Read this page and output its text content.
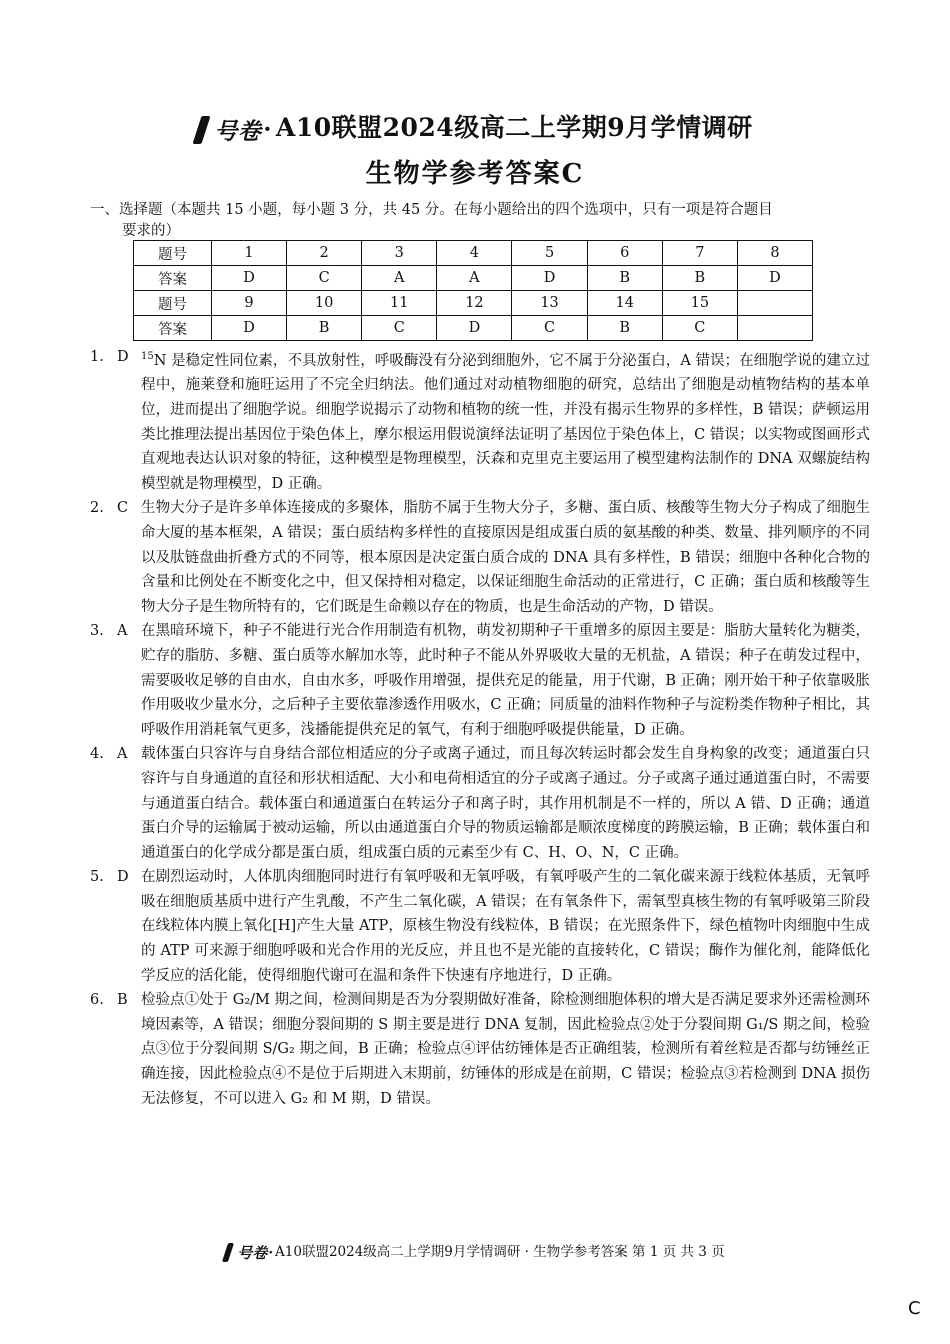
号卷 · A10联盟2024级高二上学期9月学情调研
生物学参考答案C
一、选择题（本题共 15 小题，每小题 3 分，共 45 分。在每小题给出的四个选项中，只有一项是符合题目
要求的）
题号	1	2	3	4	5	6	7	8
答案	D	C	A	A	D	B	B	D
题号	9	10	11	12	13	14	15	
答案	D	B	C	D	C	B	C	
1. D	$^{15}$N 是稳定性同位素，不具放射性，呼吸酶没有分泌到细胞外，它不属于分泌蛋白，A 错误；在细胞学说的建立过程中，施莱登和施旺运用了不完全归纳法。他们通过对动植物细胞的研究，总结出了细胞是动植物结构的基本单位，进而提出了细胞学说。细胞学说揭示了动物和植物的统一性，并没有揭示生物界的多样性，B 错误；萨顿运用类比推理法提出基因位于染色体上，摩尔根运用假说演绎法证明了基因位于染色体上，C 错误；以实物或图画形式直观地表达认识对象的特征，这种模型是物理模型，沃森和克里克主要运用了模型建构法制作的 DNA 双螺旋结构模型就是物理模型，D 正确。
2. C 生物大分子是许多单体连接成的多聚体，脂肪不属于生物大分子，多糖、蛋白质、核酸等生物大分子构成了细胞生命大厦的基本框架，A 错误；蛋白质结构多样性的直接原因是组成蛋白质的氨基酸的种类、数量、排列顺序的不同以及肽链盘曲折叠方式的不同等，根本原因是决定蛋白质合成的 DNA 具有多样性，B 错误；细胞中各种化合物的含量和比例处在不断变化之中，但又保持相对稳定，以保证细胞生命活动的正常进行，C 正确；蛋白质和核酸等生物大分子是生物所特有的，它们既是生命赖以存在的物质，也是生命活动的产物，D 错误。
3. A 在黑暗环境下，种子不能进行光合作用制造有机物，萌发初期种子干重增多的原因主要是：脂肪大量转化为糖类，贮存的脂肪、多糖、蛋白质等水解加水等，此时种子不能从外界吸收大量的无机盐，A 错误；种子在萌发过程中，需要吸收足够的自由水，自由水多，呼吸作用增强，提供充足的能量，用于代谢，B 正确；刚开始干种子依靠吸胀作用吸收少量水分，之后种子主要依靠渗透作用吸水，C 正确；同质量的油料作物种子与淀粉类作物种子相比，其呼吸作用消耗氧气更多，浅播能提供充足的氧气，有利于细胞呼吸提供能量，D 正确。
4. A 载体蛋白只容许与自身结合部位相适应的分子或离子通过，而且每次转运时都会发生自身构象的改变；通道蛋白只容许与自身通道的直径和形状相适配、大小和电荷相适宜的分子或离子通过。分子或离子通过通道蛋白时，不需要与通道蛋白结合。载体蛋白和通道蛋白在转运分子和离子时，其作用机制是不一样的，所以 A 错、D 正确；通道蛋白介导的运输属于被动运输，所以由通道蛋白介导的物质运输都是顺浓度梯度的跨膜运输，B 正确；载体蛋白和通道蛋白的化学成分都是蛋白质，组成蛋白质的元素至少有 C、H、O、N，C 正确。
5. D 在剧烈运动时，人体肌肉细胞同时进行有氧呼吸和无氧呼吸，有氧呼吸产生的二氧化碳来源于线粒体基质，无氧呼吸在细胞质基质中进行产生乳酸，不产生二氧化碳，A 错误；在有氧条件下，需氧型真核生物的有氧呼吸第三阶段在线粒体内膜上氧化[H]产生大量 ATP，原核生物没有线粒体，B 错误；在光照条件下，绿色植物叶肉细胞中生成的 ATP 可来源于细胞呼吸和光合作用的光反应，并且也不是光能的直接转化，C 错误；酶作为催化剂，能降低化学反应的活化能，使得细胞代谢可在温和条件下快速有序地进行，D 正确。
6. B 检验点①处于 G₂/M 期之间，检测间期是否为分裂期做好准备，除检测细胞体积的增大是否满足要求外还需检测环境因素等，A 错误；细胞分裂间期的 S 期主要是进行 DNA 复制，因此检验点②处于分裂间期 G₁/S 期之间，检验点③位于分裂间期 S/G₂ 期之间，B 正确；检验点④评估纺锤体是否正确组装，检测所有着丝粒是否都与纺锤丝正确连接，因此检验点④不是位于后期进入末期前，纺锤体的形成是在前期，C 错误；检验点③若检测到 DNA 损伤无法修复，不可以进入 G₂ 和 M 期，D 错误。
号卷 · A10联盟2024级高二上学期9月学情调研 · 生物学参考答案 第 1 页 共 3 页
C
